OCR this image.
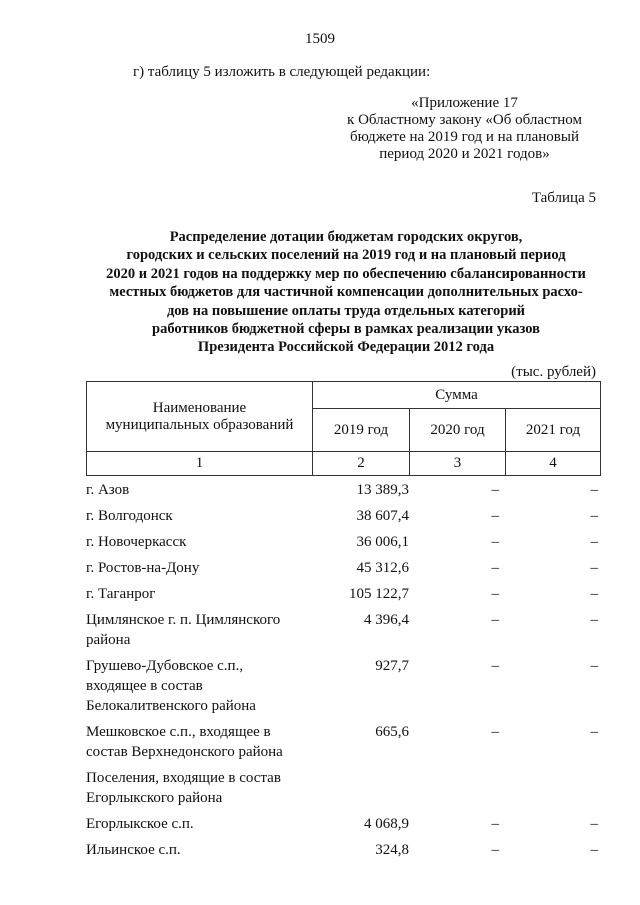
1509
г) таблицу 5 изложить в следующей редакции:
«Приложение 17
к Областному закону «Об областном
бюджете на 2019 год и на плановый
период 2020 и 2021 годов»
Таблица 5
Распределение дотации бюджетам городских округов,
городских и сельских поселений на 2019 год и на плановый период
2020 и 2021 годов на поддержку мер по обеспечению сбалансированности
местных бюджетов для частичной компенсации дополнительных расхо-
дов на повышение оплаты труда отдельных категорий
работников бюджетной сферы в рамках реализации указов
Президента Российской Федерации 2012 года
(тыс. рублей)
Наименование
муниципальных образований	Сумма		
	2019 год	2020 год	2021 год
1	2	3	4
г. Азов	13 389,3	–	–
г. Волгодонск	38 607,4	–	–
г. Новочеркасск	36 006,1	–	–
г. Ростов-на-Дону	45 312,6	–	–
г. Таганрог	105 122,7	–	–
Цимлянское г. п. Цимлянского
района
4 396,4	–	–
Грушево-Дубовское с.п.,
входящее в состав
Белокалитвенского района
927,7	–	–
Мешковское с.п., входящее в
состав Верхнедонского района
665,6	–	–
Поселения, входящие в состав
Егорлыкского района
Егорлыкское с.п.	4 068,9	–	–
Ильинское с.п.	324,8	–	–
